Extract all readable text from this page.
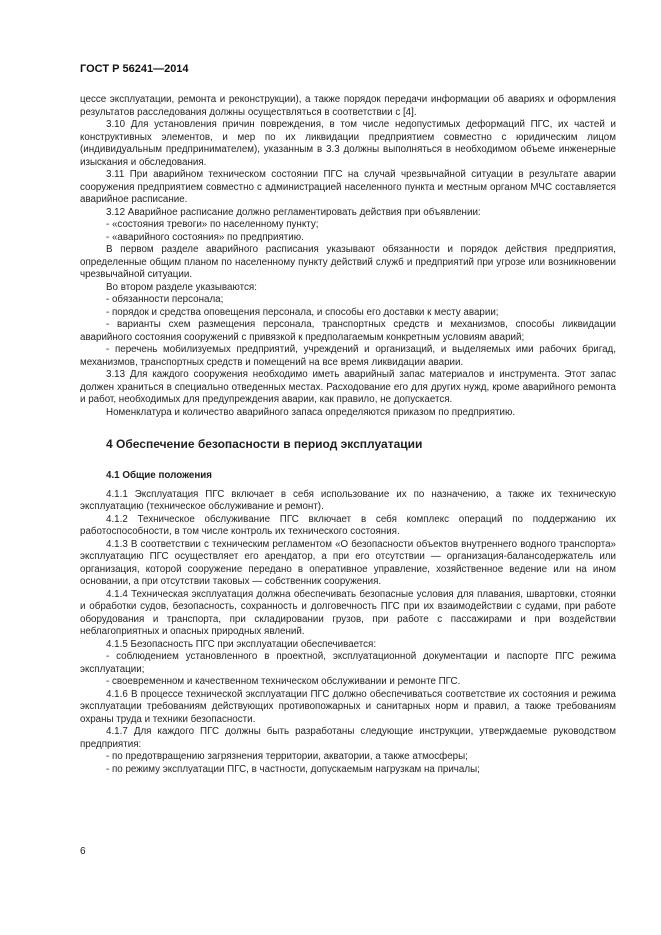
ГОСТ Р 56241—2014

цессе эксплуатации, ремонта и реконструкции), а также порядок передачи информации об авариях и оформления результатов расследования должны осуществляться в соответствии с [4].

3.10 Для установления причин повреждения, в том числе недопустимых деформаций ПГС, их частей и конструктивных элементов, и мер по их ликвидации предприятием совместно с юридическим лицом (индивидуальным предпринимателем), указанным в 3.3 должны выполняться в необходимом объеме инженерные изыскания и обследования.

3.11 При аварийном техническом состоянии ПГС на случай чрезвычайной ситуации в результате аварии сооружения предприятием совместно с администрацией населенного пункта и местным органом МЧС составляется аварийное расписание.

3.12 Аварийное расписание должно регламентировать действия при объявлении:

- «состояния тревоги» по населенному пункту;

- «аварийного состояния» по предприятию.

В первом разделе аварийного расписания указывают обязанности и порядок действия предприятия, определенные общим планом по населенному пункту действий служб и предприятий при угрозе или возникновении чрезвычайной ситуации.

Во втором разделе указываются:

- обязанности персонала;

- порядок и средства оповещения персонала, и способы его доставки к месту аварии;

- варианты схем размещения персонала, транспортных средств и механизмов, способы ликвидации аварийного состояния сооружений с привязкой к предполагаемым конкретным условиям аварий;

- перечень мобилизуемых предприятий, учреждений и организаций, и выделяемых ими рабочих бригад, механизмов, транспортных средств и помещений на все время ликвидации аварии.

3.13 Для каждого сооружения необходимо иметь аварийный запас материалов и инструмента. Этот запас должен храниться в специально отведенных местах. Расходование его для других нужд, кроме аварийного ремонта и работ, необходимых для предупреждения аварии, как правило, не допускается.

Номенклатура и количество аварийного запаса определяются приказом по предприятию.

4 Обеспечение безопасности в период эксплуатации

4.1 Общие положения

4.1.1 Эксплуатация ПГС включает в себя использование их по назначению, а также их техническую эксплуатацию (техническое обслуживание и ремонт).

4.1.2 Техническое обслуживание ПГС включает в себя комплекс операций по поддержанию их работоспособности, в том числе контроль их технического состояния.

4.1.3 В соответствии с техническим регламентом «О безопасности объектов внутреннего водного транспорта» эксплуатацию ПГС осуществляет его арендатор, а при его отсутствии — организация-балансодержатель или организация, которой сооружение передано в оперативное управление, хозяйственное ведение или на ином основании, а при отсутствии таковых — собственник сооружения.

4.1.4 Техническая эксплуатация должна обеспечивать безопасные условия для плавания, швартовки, стоянки и обработки судов, безопасность, сохранность и долговечность ПГС при их взаимодействии с судами, при работе оборудования и транспорта, при складировании грузов, при работе с пассажирами и при воздействии неблагоприятных и опасных природных явлений.

4.1.5 Безопасность ПГС при эксплуатации обеспечивается:

- соблюдением установленного в проектной, эксплуатационной документации и паспорте ПГС режима эксплуатации;

- своевременном и качественном техническом обслуживании и ремонте ПГС.

4.1.6 В процессе технической эксплуатации ПГС должно обеспечиваться соответствие их состояния и режима эксплуатации требованиям действующих противопожарных и санитарных норм и правил, а также требованиям охраны труда и техники безопасности.

4.1.7 Для каждого ПГС должны быть разработаны следующие инструкции, утверждаемые руководством предприятия:

- по предотвращению загрязнения территории, акватории, а также атмосферы;

- по режиму эксплуатации ПГС, в частности, допускаемым нагрузкам на причалы;

6
